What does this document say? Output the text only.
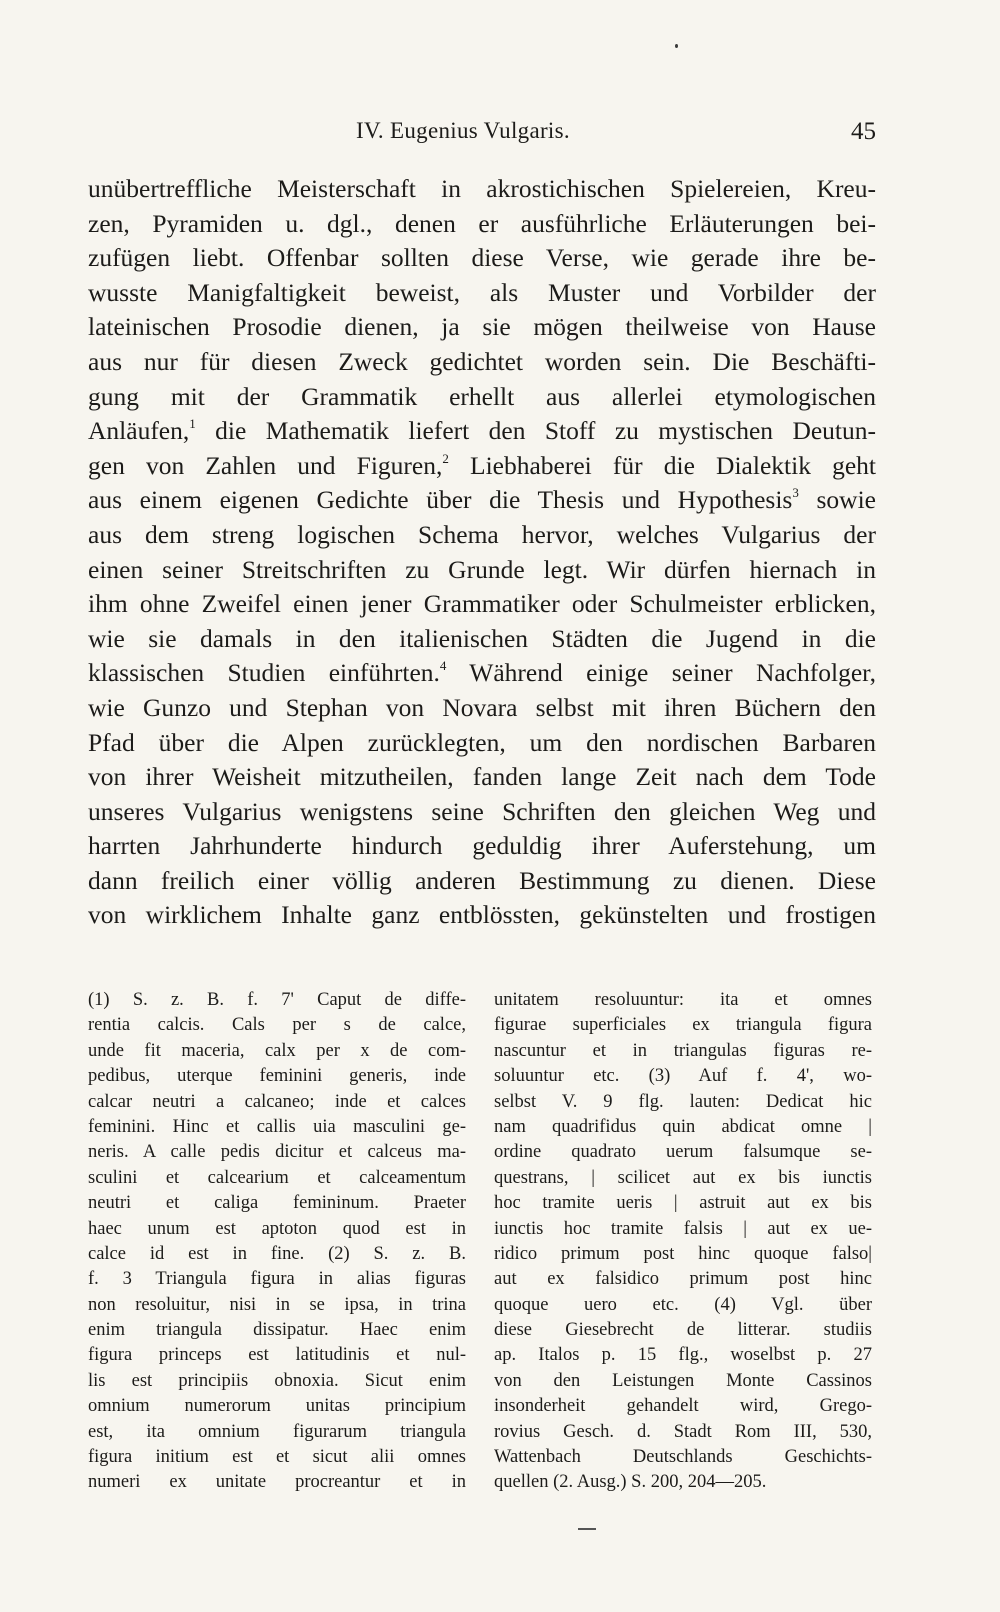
IV. Eugenius Vulgaris.	45
unübertreffliche Meisterschaft in akrostichischen Spielereien, Kreu-
zen, Pyramiden u. dgl., denen er ausführliche Erläuterungen bei-
zufügen liebt. Offenbar sollten diese Verse, wie gerade ihre be-
wusste Manigfaltigkeit beweist, als Muster und Vorbilder der
lateinischen Prosodie dienen, ja sie mögen theilweise von Hause
aus nur für diesen Zweck gedichtet worden sein. Die Beschäfti-
gung mit der Grammatik erhellt aus allerlei etymologischen
Anläufen,$^1$ die Mathematik liefert den Stoff zu mystischen Deutun-
gen von Zahlen und Figuren,$^2$ Liebhaberei für die Dialektik geht
aus einem eigenen Gedichte über die Thesis und Hypothesis$^3$ sowie
aus dem streng logischen Schema hervor, welches Vulgarius der
einen seiner Streitschriften zu Grunde legt. Wir dürfen hiernach in
ihm ohne Zweifel einen jener Grammatiker oder Schulmeister erblicken,
wie sie damals in den italienischen Städten die Jugend in die
klassischen Studien einführten.$^4$ Während einige seiner Nachfolger,
wie Gunzo und Stephan von Novara selbst mit ihren Büchern den
Pfad über die Alpen zurücklegten, um den nordischen Barbaren
von ihrer Weisheit mitzutheilen, fanden lange Zeit nach dem Tode
unseres Vulgarius wenigstens seine Schriften den gleichen Weg und
harrten Jahrhunderte hindurch geduldig ihrer Auferstehung, um
dann freilich einer völlig anderen Bestimmung zu dienen. Diese
von wirklichem Inhalte ganz entblössten, gekünstelten und frostigen
(1) S. z. B. f. 7' Caput de diffe-
rentia calcis. Cals per s de calce,
unde fit maceria, calx per x de com-
pedibus, uterque feminini generis, inde
calcar neutri a calcaneo; inde et calces
feminini. Hinc et callis uia masculini ge-
neris. A calle pedis dicitur et calceus ma-
sculini et calcearium et calceamentum
neutri et caliga femininum. Praeter
haec unum est aptoton quod est in
calce id est in fine. (2) S. z. B.
f. 3 Triangula figura in alias figuras
non resoluitur, nisi in se ipsa, in trina
enim triangula dissipatur. Haec enim
figura princeps est latitudinis et nul-
lis est principiis obnoxia. Sicut enim
omnium numerorum unitas principium
est, ita omnium figurarum triangula
figura initium est et sicut alii omnes
numeri ex unitate procreantur et in
unitatem resoluuntur: ita et omnes
figurae superficiales ex triangula figura
nascuntur et in triangulas figuras re-
soluuntur etc. (3) Auf f. 4', wo-
selbst V. 9 flg. lauten: Dedicat hic
nam quadrifidus quin abdicat omne |
ordine quadrato uerum falsumque se-
questrans, | scilicet aut ex bis iunctis
hoc tramite ueris | astruit aut ex bis
iunctis hoc tramite falsis | aut ex ue-
ridico primum post hinc quoque falso|
aut ex falsidico primum post hinc
quoque uero etc. (4) Vgl. über
diese Giesebrecht de litterar. studiis
ap. Italos p. 15 flg., woselbst p. 27
von den Leistungen Monte Cassinos
insonderheit gehandelt wird, Grego-
rovius Gesch. d. Stadt Rom III, 530,
Wattenbach Deutschlands Geschichts-
quellen (2. Ausg.) S. 200, 204—205.
